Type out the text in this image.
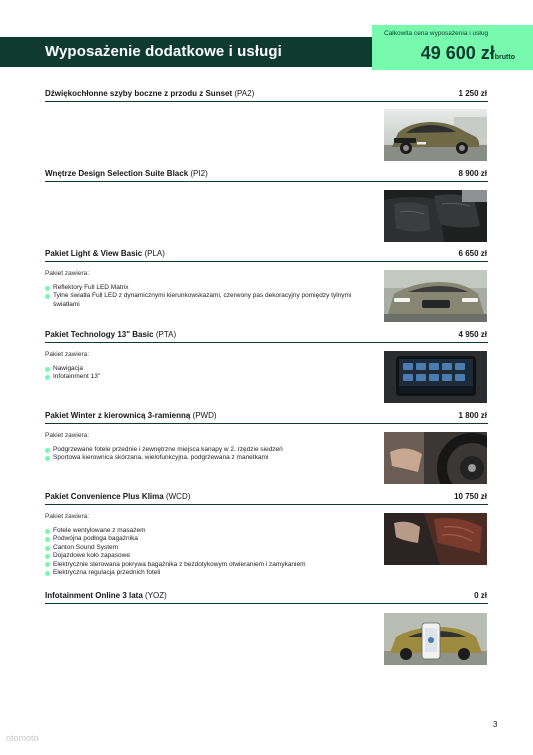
Wyposażenie dodatkowe i usługi
Całkowita cena wyposażenia i usług
49 600 złbrutto
Dźwiękochłonne szyby boczne z przodu z Sunset (PA2)	1 250 zł
Wnętrze Design Selection Suite Black (PI2)	8 900 zł
Pakiet Light & View Basic (PLA)	6 650 zł
Pakiet zawiera:
Reflektory Full LED Matrix
Tylne światła Full LED z dynamicznymi kierunkowskazami, czerwony pas dekoracyjny pomiędzy tylnymi światłami
Pakiet Technology 13" Basic (PTA)	4 950 zł
Pakiet zawiera:
Nawigacja
Infotainment 13"
Pakiet Winter z kierownicą 3-ramienną (PWD)	1 800 zł
Pakiet zawiera:
Podgrzewane fotele przednie i zewnętrzne miejsca kanapy w 2. rzędzie siedzeń
Sportowa kierownica skórzana, wielofunkcyjna, podgrzewana z manetkami
Pakiet Convenience Plus Klima (WCD)	10 750 zł
Pakiet zawiera:
Fotele wentylowane z masażem
Podwójna podłoga bagażnika
Canton Sound System
Dojazdowe koło zapasowe
Elektrycznie sterowana pokrywa bagażnika z bezdotykowym otwieraniem i zamykaniem
Elektryczna regulacja przednich foteli
Infotainment Online 3 lata (YOZ)	0 zł
3
otomoto
